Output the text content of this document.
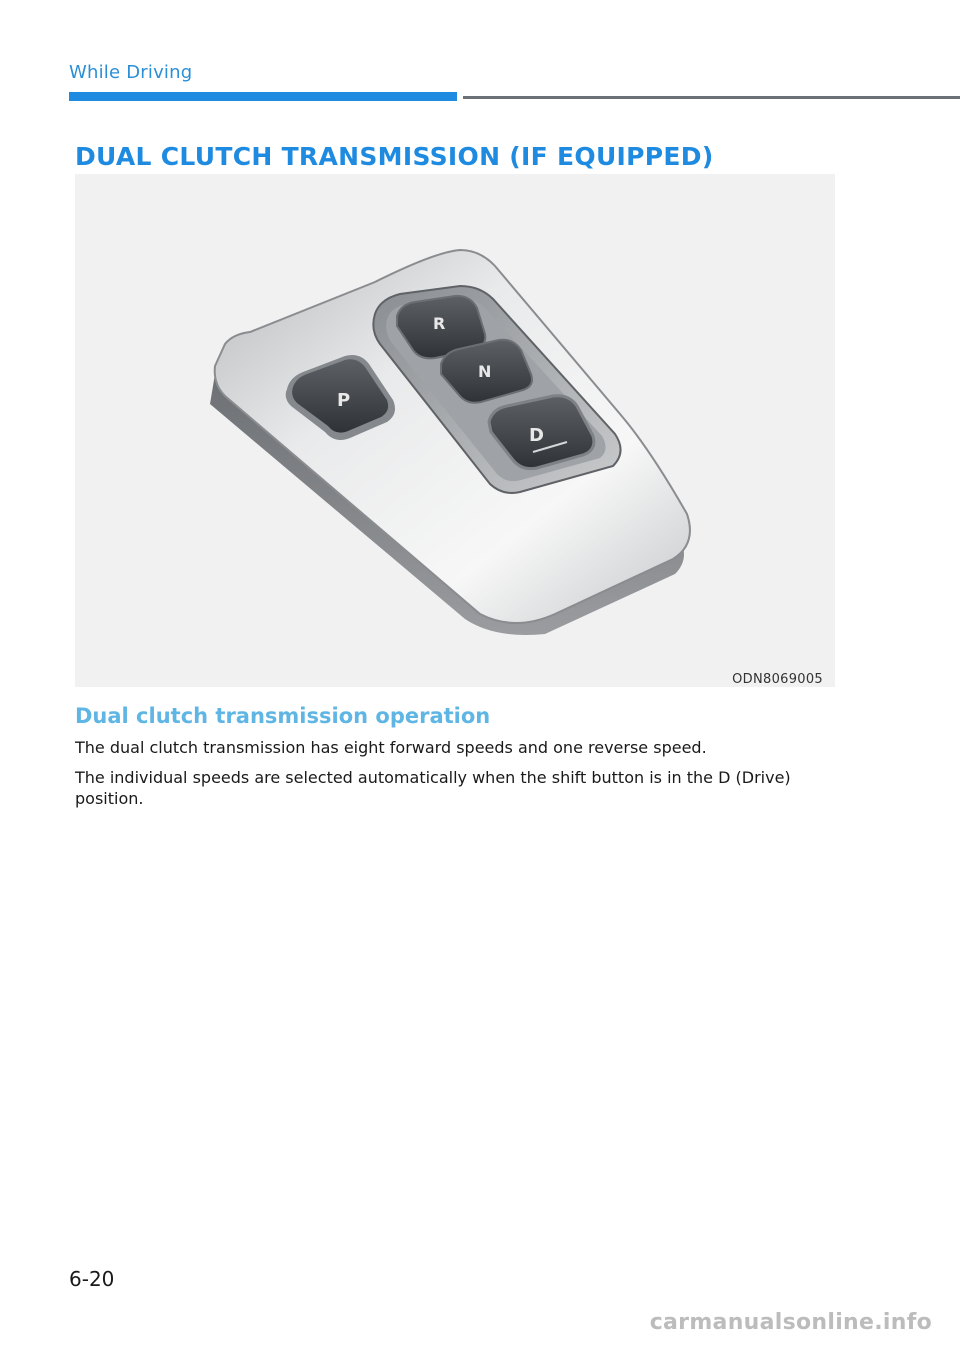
While Driving
DUAL CLUTCH TRANSMISSION (IF EQUIPPED)
P
R
N
D
ODN8069005
Dual clutch transmission operation
The dual clutch transmission has eight forward speeds and one reverse speed.
The individual speeds are selected automatically when the shift button is in the D (Drive) position.
6-20
carmanualsonline.info
